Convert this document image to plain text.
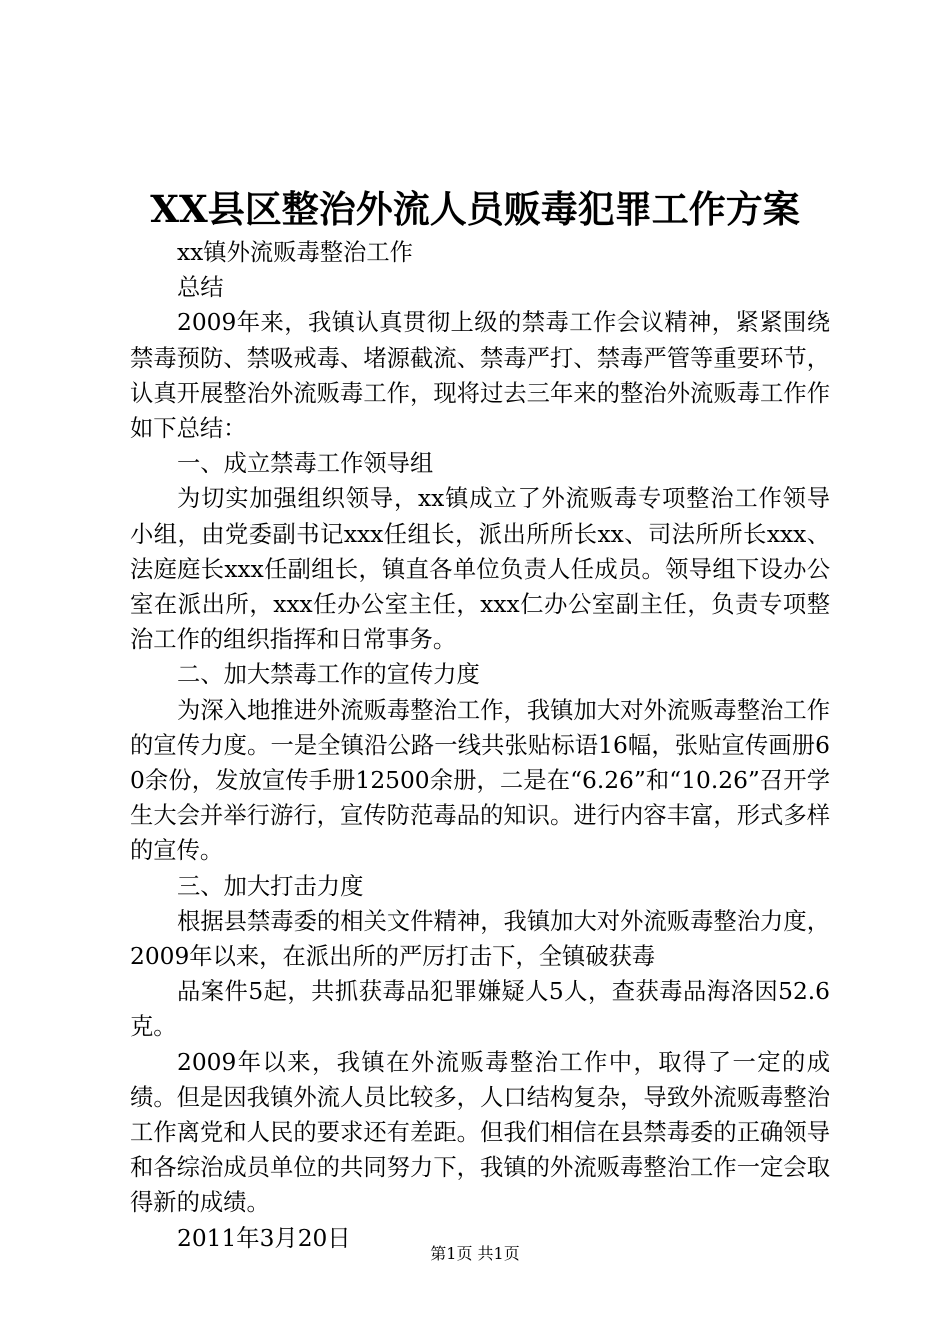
XX县区整治外流人员贩毒犯罪工作方案

xx镇外流贩毒整治工作

总结

2009年来，我镇认真贯彻上级的禁毒工作会议精神，紧紧围绕禁毒预防、禁吸戒毒、堵源截流、禁毒严打、禁毒严管等重要环节，认真开展整治外流贩毒工作，现将过去三年来的整治外流贩毒工作作如下总结：

一、成立禁毒工作领导组

为切实加强组织领导，xx镇成立了外流贩毒专项整治工作领导小组，由党委副书记xxx任组长，派出所所长xx、司法所所长xxx、法庭庭长xxx任副组长，镇直各单位负责人任成员。领导组下设办公室在派出所，xxx任办公室主任，xxx仁办公室副主任，负责专项整治工作的组织指挥和日常事务。

二、加大禁毒工作的宣传力度

为深入地推进外流贩毒整治工作，我镇加大对外流贩毒整治工作的宣传力度。一是全镇沿公路一线共张贴标语16幅，张贴宣传画册60余份，发放宣传手册12500余册，二是在“6.26”和“10.26”召开学生大会并举行游行，宣传防范毒品的知识。进行内容丰富，形式多样的宣传。

三、加大打击力度

根据县禁毒委的相关文件精神，我镇加大对外流贩毒整治力度，2009年以来，在派出所的严厉打击下，全镇破获毒

品案件5起，共抓获毒品犯罪嫌疑人5人，查获毒品海洛因52.6克。

2009年以来，我镇在外流贩毒整治工作中，取得了一定的成绩。但是因我镇外流人员比较多，人口结构复杂，导致外流贩毒整治工作离党和人民的要求还有差距。但我们相信在县禁毒委的正确领导和各综治成员单位的共同努力下，我镇的外流贩毒整治工作一定会取得新的成绩。

2011年3月20日

第1页 共1页
